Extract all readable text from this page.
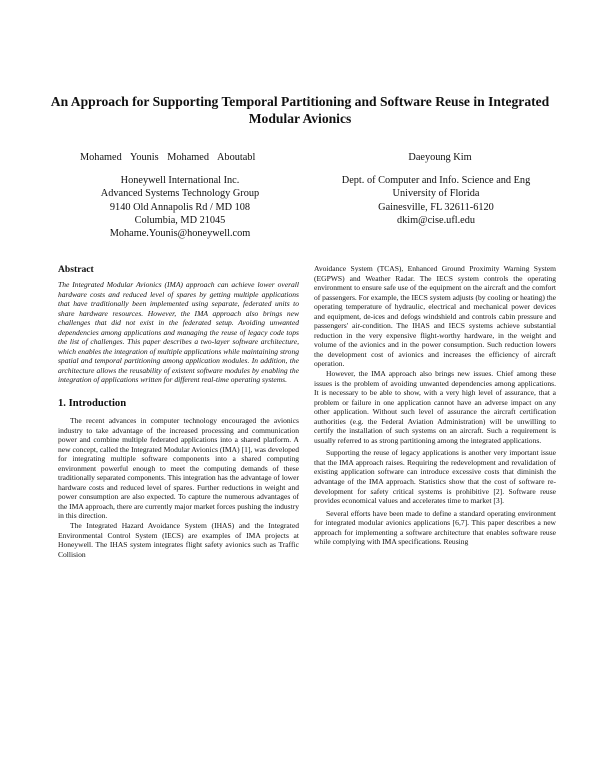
An Approach for Supporting Temporal Partitioning and Software Reuse in Integrated Modular Avionics
Mohamed Younis Mohamed Aboutabl	Daeyoung Kim
Honeywell International Inc.
Advanced Systems Technology Group
9140 Old Annapolis Rd / MD 108
Columbia, MD 21045
Mohame.Younis@honeywell.com
Dept. of Computer and Info. Science and Eng
University of Florida
Gainesville, FL 32611-6120
dkim@cise.ufl.edu

Abstract

The Integrated Modular Avionics (IMA) approach can achieve lower overall hardware costs and reduced level of spares by getting multiple applications that have traditionally been implemented using separate, federated units to share hardware resources. However, the IMA approach also brings new challenges that did not exist in the federated setup. Avoiding unwanted dependencies among applications and managing the reuse of legacy code tops the list of challenges. This paper describes a two-layer software architecture, which enables the integration of multiple applications while maintaining strong spatial and temporal partitioning among application modules. In addition, the architecture allows the reusability of existent software modules by enabling the integration of applications written for different real-time operating systems.

1. Introduction

The recent advances in computer technology encouraged the avionics industry to take advantage of the increased processing and communication power and combine multiple federated applications into a shared platform. A new concept, called the Integrated Modular Avionics (IMA) [1], was developed for integrating multiple software components into a shared computing environment powerful enough to meet the computing demands of these traditionally separated components. This integration has the advantage of lower hardware costs and reduced level of spares. Further reductions in weight and power consumption are also expected. To capture the numerous advantages of the IMA approach, there are currently major market forces pushing the industry in this direction.

The Integrated Hazard Avoidance System (IHAS) and the Integrated Environmental Control System (IECS) are examples of IMA projects at Honeywell. The IHAS system integrates flight safety avionics such as Traffic Collision

Avoidance System (TCAS), Enhanced Ground Proximity Warning System (EGPWS) and Weather Radar. The IECS system controls the operating environment to ensure safe use of the equipment on the aircraft and the comfort of passengers. For example, the IECS system adjusts (by cooling or heating) the operating temperature of hydraulic, electrical and mechanical power devices and equipment, de-ices and defogs windshield and controls cabin pressure and passengers' air-condition. The IHAS and IECS systems achieve substantial reduction in the very expensive flight-worthy hardware, in the weight and volume of the avionics and in the power consumption. Such reduction lowers the development cost of avionics and increases the efficiency of aircraft operation.

However, the IMA approach also brings new issues. Chief among these issues is the problem of avoiding unwanted dependencies among applications. It is necessary to be able to show, with a very high level of assurance, that a problem or failure in one application cannot have an adverse impact on any other application. Without such level of assurance the aircraft certification authorities (e.g. the Federal Aviation Administration) will be unwilling to certify the installation of such systems on an aircraft. Such a requirement is usually referred to as strong partitioning among the integrated applications.

Supporting the reuse of legacy applications is another very important issue that the IMA approach raises. Requiring the redevelopment and revalidation of existing application software can introduce excessive costs that diminish the advantage of the IMA approach. Statistics show that the cost of software re-development for safety critical systems is prohibitive [2]. Software reuse provides economical values and accelerates time to market [3].

Several efforts have been made to define a standard operating environment for integrated modular avionics applications [6,7]. This paper describes a new approach for implementing a software architecture that enables software reuse while complying with IMA specifications. Reusing
